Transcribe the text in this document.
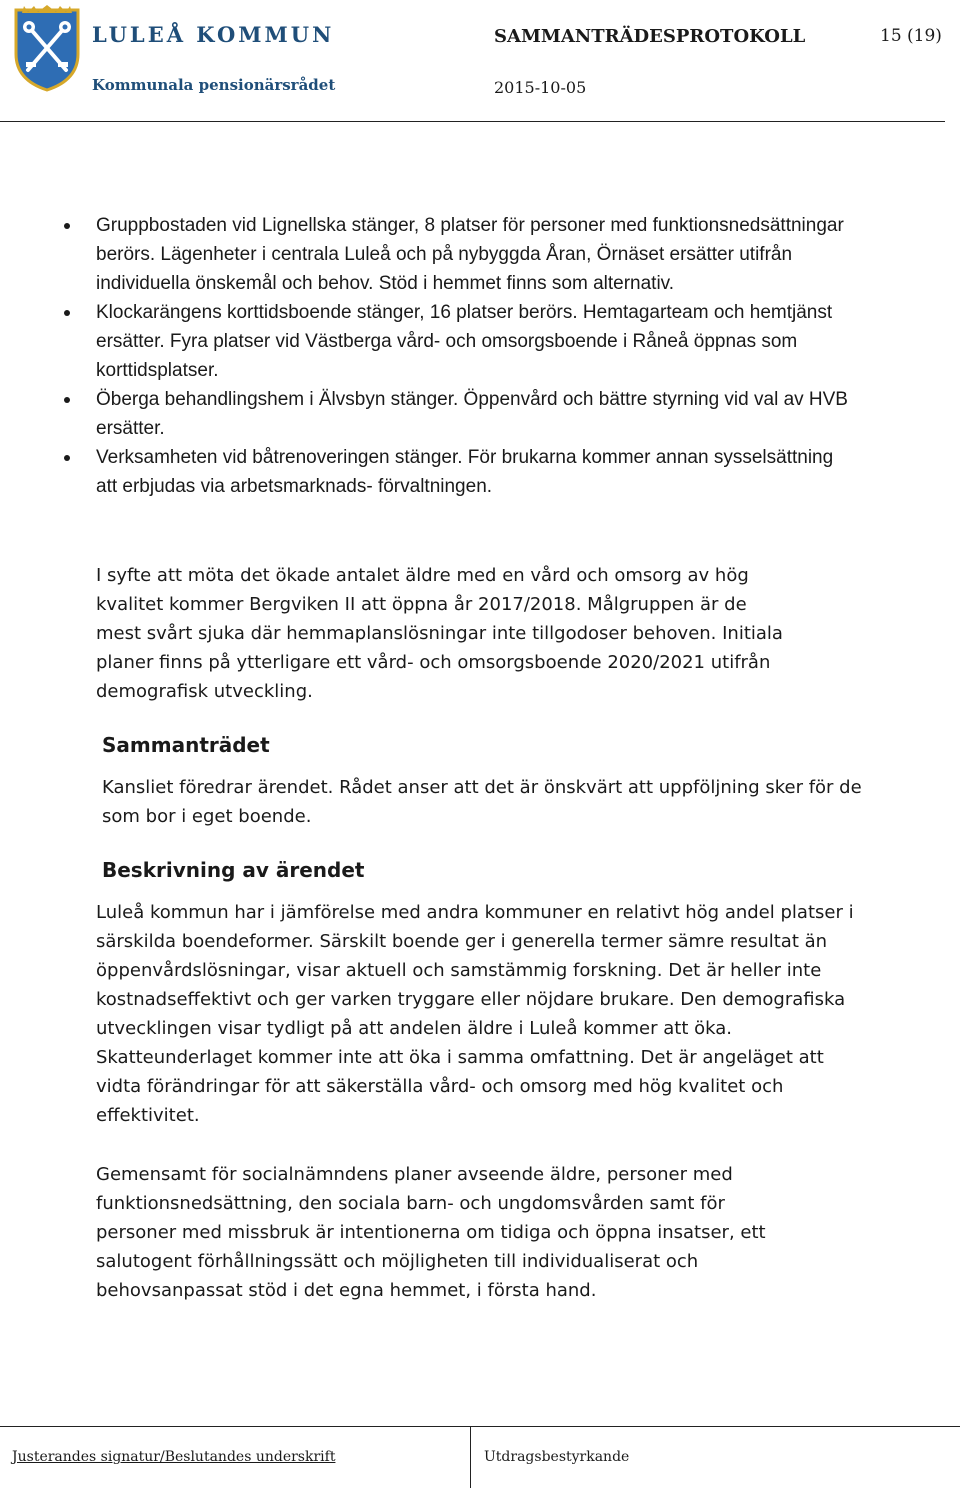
LULEÅ KOMMUN
Kommunala pensionärsrådet
SAMMANTRÄDESPROTOKOLL	15 (19)
2015-10-05
Gruppbostaden vid Lignellska stänger, 8 platser för personer med funktionsnedsättningar berörs. Lägenheter i centrala Luleå och på nybyggda Åran, Örnäset ersätter utifrån individuella önskemål och behov. Stöd i hemmet finns som alternativ.
Klockarängens korttidsboende stänger, 16 platser berörs. Hemtagarteam och hemtjänst ersätter. Fyra platser vid Västberga vård- och omsorgsboende i Råneå öppnas som korttidsplatser.
Öberga behandlingshem i Älvsbyn stänger. Öppenvård och bättre styrning vid val av HVB ersätter.
Verksamheten vid båtrenoveringen stänger. För brukarna kommer annan sysselsättning att erbjudas via arbetsmarknads- förvaltningen.

I syfte att möta det ökade antalet äldre med en vård och omsorg av hög kvalitet kommer Bergviken II att öppna år 2017/2018. Målgruppen är de mest svårt sjuka där hemmaplanslösningar inte tillgodoser behoven. Initiala planer finns på ytterligare ett vård- och omsorgsboende 2020/2021 utifrån demografisk utveckling.

Sammanträdet

Kansliet föredrar ärendet. Rådet anser att det är önskvärt att uppföljning sker för de som bor i eget boende.

Beskrivning av ärendet

Luleå kommun har i jämförelse med andra kommuner en relativt hög andel platser i särskilda boendeformer. Särskilt boende ger i generella termer sämre resultat än öppenvårdslösningar, visar aktuell och samstämmig forskning. Det är heller inte kostnadseffektivt och ger varken tryggare eller nöjdare brukare. Den demografiska utvecklingen visar tydligt på att andelen äldre i Luleå kommer att öka. Skatteunderlaget kommer inte att öka i samma omfattning. Det är angeläget att vidta förändringar för att säkerställa vård- och omsorg med hög kvalitet och effektivitet.

Gemensamt för socialnämndens planer avseende äldre, personer med funktionsnedsättning, den sociala barn- och ungdomsvården samt för personer med missbruk är intentionerna om tidiga och öppna insatser, ett salutogent förhållningssätt och möjligheten till individualiserat och behovsanpassat stöd i det egna hemmet, i första hand.

Justerandes signatur/Beslutandes underskrift	Utdragsbestyrkande
